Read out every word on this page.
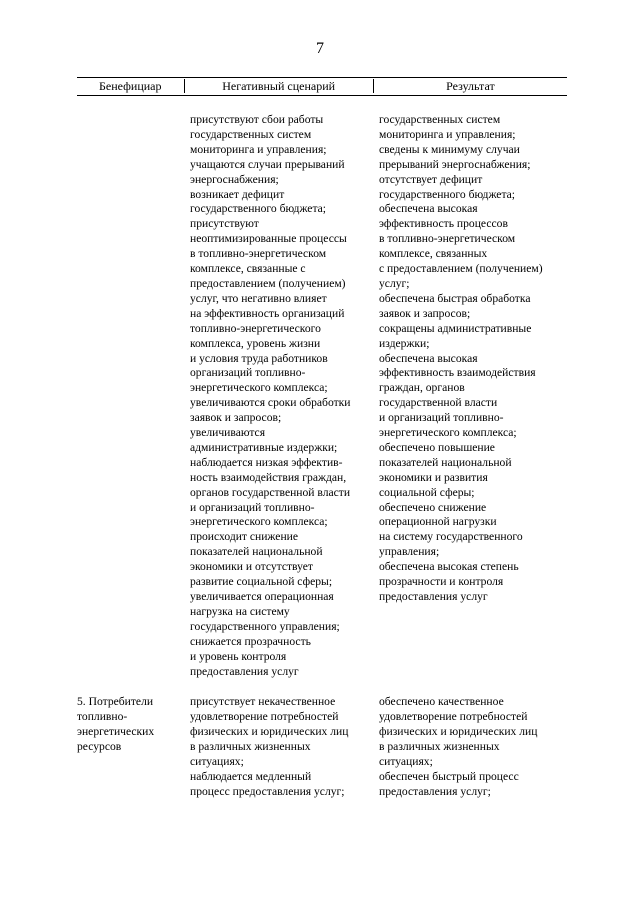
7
Бенефициар	Негативный сценарий	Результат
присутствуют сбои работы
государственных систем
мониторинга и управления;
учащаются случаи прерываний
энергоснабжения;
возникает дефицит
государственного бюджета;
присутствуют
неоптимизированные процессы
в топливно-энергетическом
комплексе, связанные с
предоставлением (получением)
услуг, что негативно влияет
на эффективность организаций
топливно-энергетического
комплекса, уровень жизни
и условия труда работников
организаций топливно-
энергетического комплекса;
увеличиваются сроки обработки
заявок и запросов;
увеличиваются
административные издержки;
наблюдается низкая эффектив-
ность взаимодействия граждан,
органов государственной власти
и организаций топливно-
энергетического комплекса;
происходит снижение
показателей национальной
экономики и отсутствует
развитие социальной сферы;
увеличивается операционная
нагрузка на систему
государственного управления;
снижается прозрачность
и уровень контроля
предоставления услуг
государственных систем
мониторинга и управления;
сведены к минимуму случаи
прерываний энергоснабжения;
отсутствует дефицит
государственного бюджета;
обеспечена высокая
эффективность процессов
в топливно-энергетическом
комплексе, связанных
с предоставлением (получением)
услуг;
обеспечена быстрая обработка
заявок и запросов;
сокращены административные
издержки;
обеспечена высокая
эффективность взаимодействия
граждан, органов
государственной власти
и организаций топливно-
энергетического комплекса;
обеспечено повышение
показателей национальной
экономики и развития
социальной сферы;
обеспечено снижение
операционной нагрузки
на систему государственного
управления;
обеспечена высокая степень
прозрачности и контроля
предоставления услуг
5. Потребители
топливно-
энергетических
ресурсов
присутствует некачественное
удовлетворение потребностей
физических и юридических лиц
в различных жизненных
ситуациях;
наблюдается медленный
процесс предоставления услуг;
обеспечено качественное
удовлетворение потребностей
физических и юридических лиц
в различных жизненных
ситуациях;
обеспечен быстрый процесс
предоставления услуг;
